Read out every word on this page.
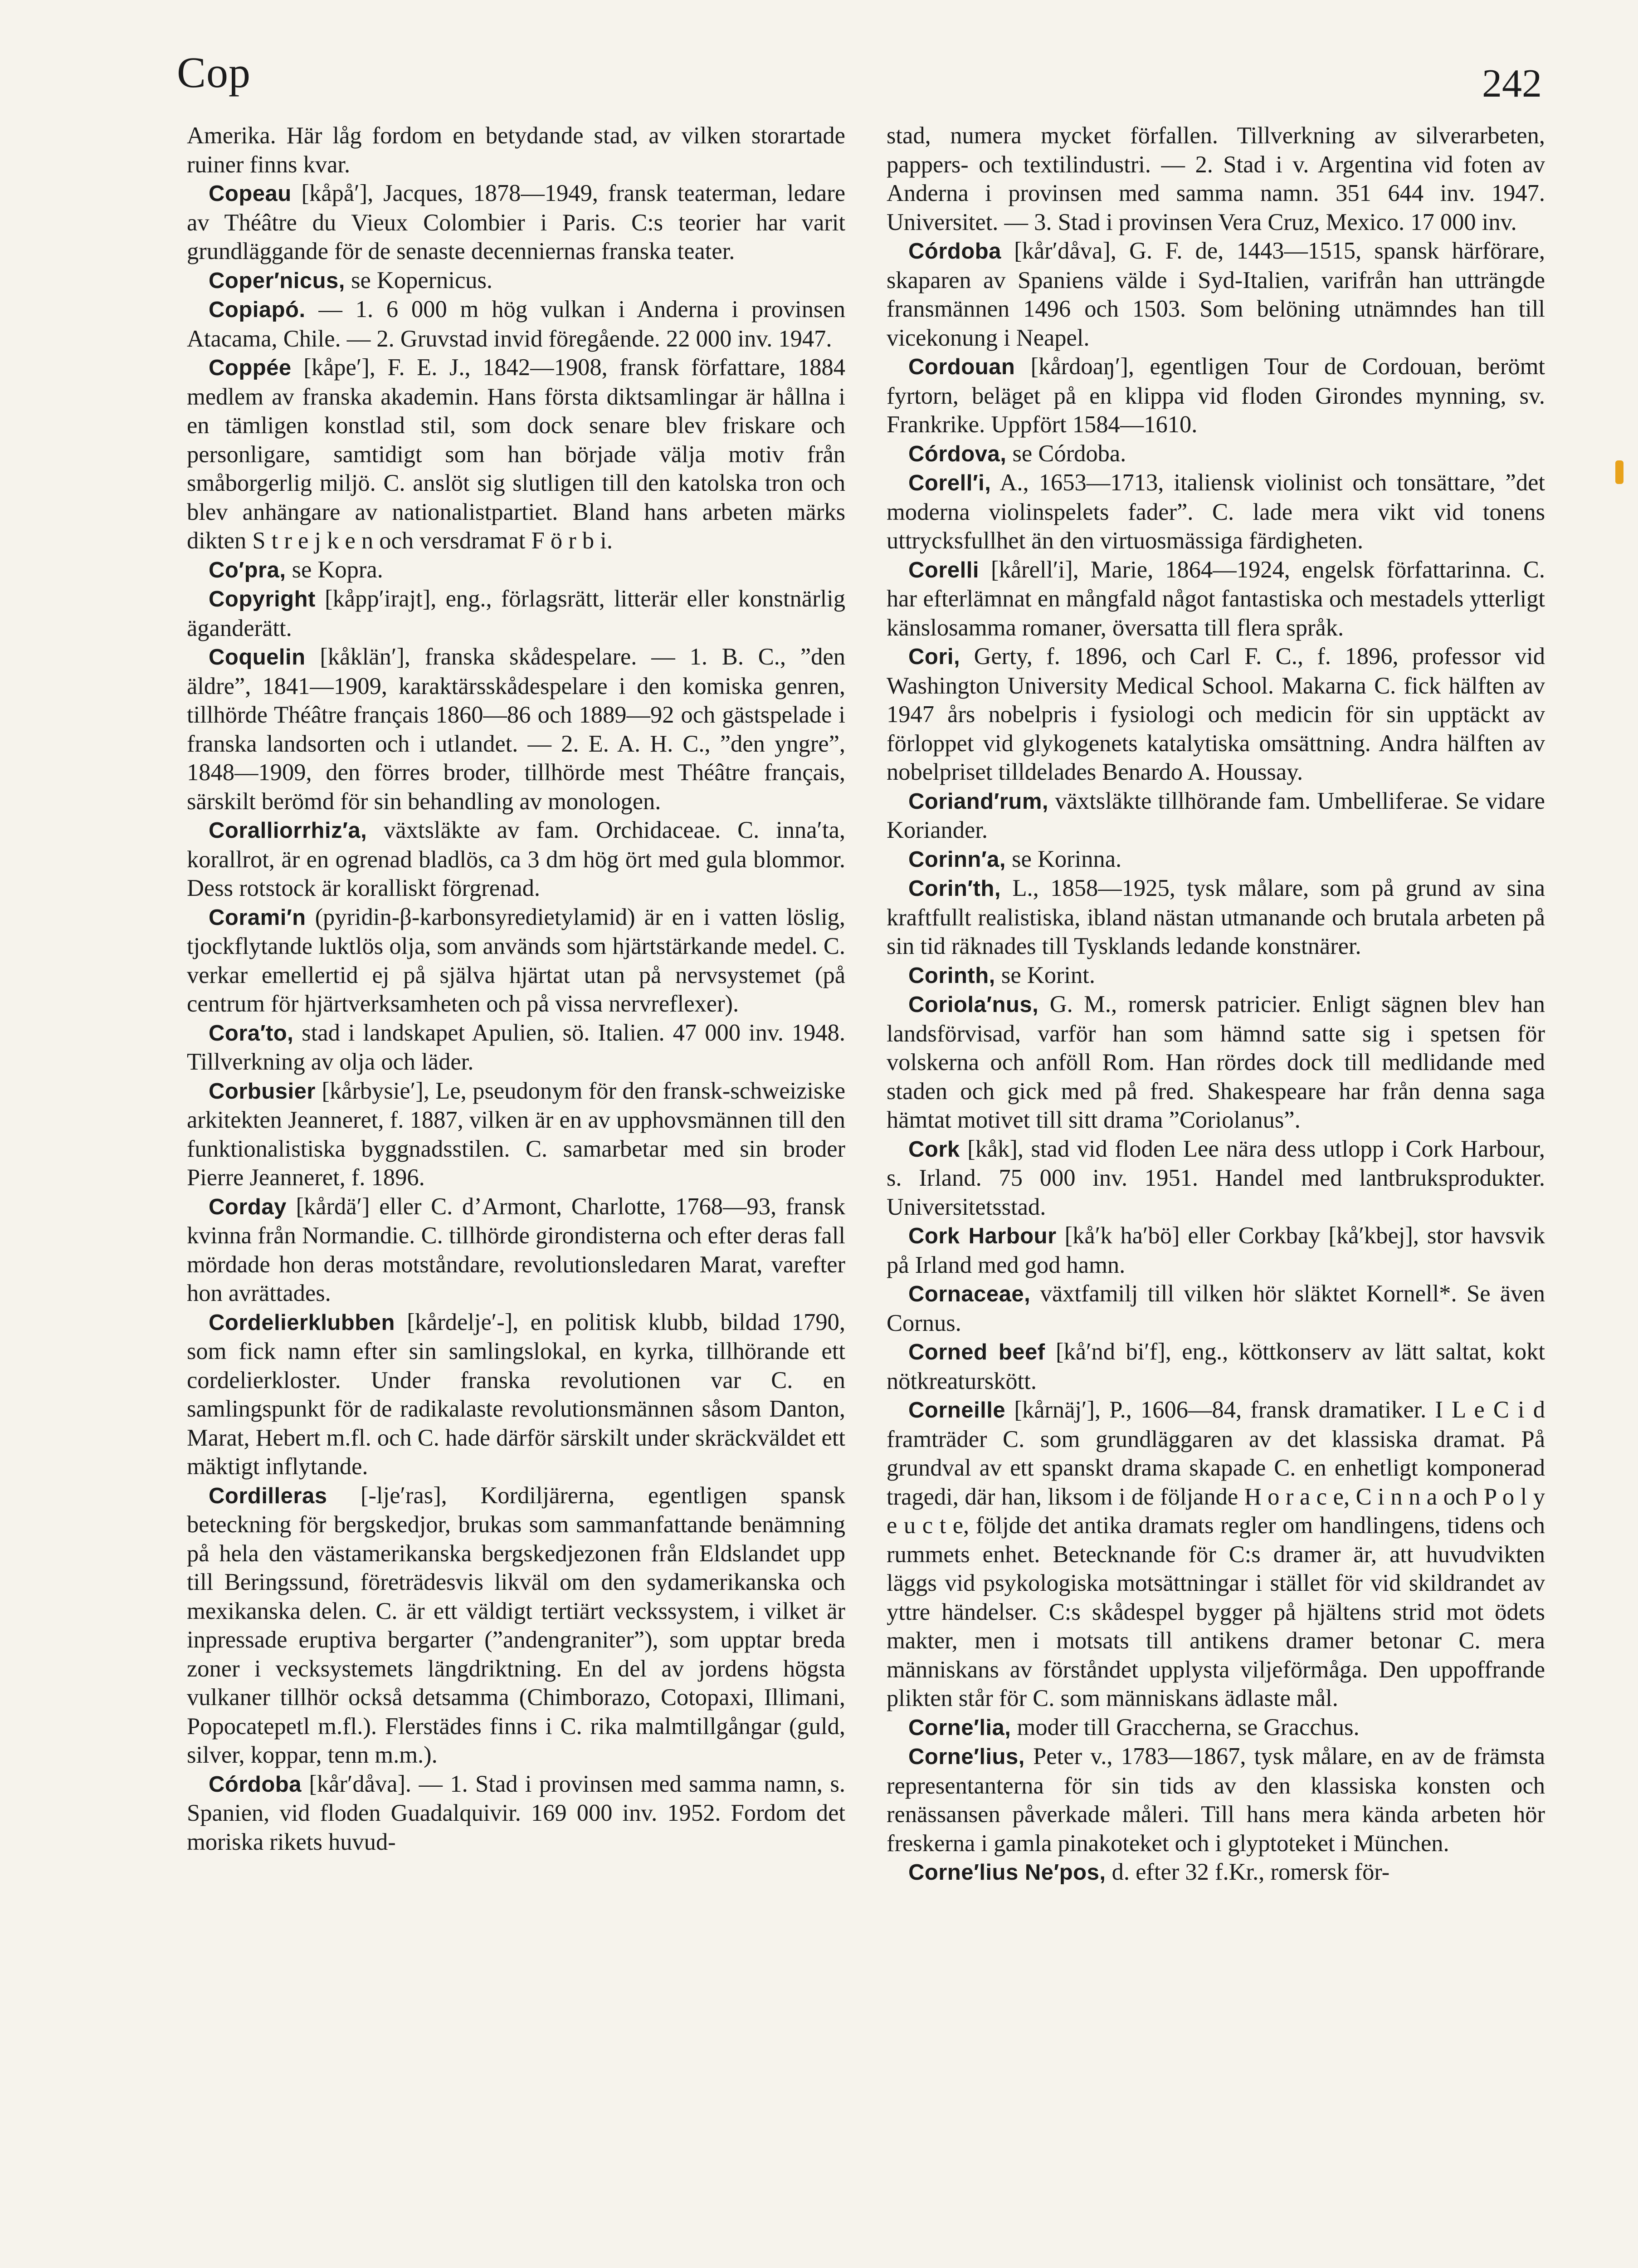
Cop	242

Amerika. Här låg fordom en betydande stad, av vilken storartade ruiner finns kvar.

Copeau [kåpå′], Jacques, 1878—1949, fransk teaterman, ledare av Théâtre du Vieux Colombier i Paris. C:s teorier har varit grundläggande för de senaste decenniernas franska teater.

Coper′nicus, se Kopernicus.

Copiapó. — 1. 6 000 m hög vulkan i Anderna i provinsen Atacama, Chile. — 2. Gruvstad invid föregående. 22 000 inv. 1947.

Coppée [kåpe′], F. E. J., 1842—1908, fransk författare, 1884 medlem av franska akademin. Hans första diktsamlingar är hållna i en tämligen konstlad stil, som dock senare blev friskare och personligare, samtidigt som han började välja motiv från småborgerlig miljö. C. anslöt sig slutligen till den katolska tron och blev anhängare av nationalistpartiet. Bland hans arbeten märks dikten S t r e j k e n och versdramat F ö r b i.

Co′pra, se Kopra.

Copyright [kåpp′irajt], eng., förlagsrätt, litterär eller konstnärlig äganderätt.

Coquelin [kåklän′], franska skådespelare. — 1. B. C., ”den äldre”, 1841—1909, karaktärsskådespelare i den komiska genren, tillhörde Théâtre français 1860—86 och 1889—92 och gästspelade i franska landsorten och i utlandet. — 2. E. A. H. C., ”den yngre”, 1848—1909, den förres broder, tillhörde mest Théâtre français, särskilt berömd för sin behandling av monologen.

Coralliorrhiz′a, växtsläkte av fam. Orchidaceae. C. inna′ta, korallrot, är en ogrenad bladlös, ca 3 dm hög ört med gula blommor. Dess rotstock är koralliskt förgrenad.

Corami′n (pyridin-β-karbonsyredietylamid) är en i vatten löslig, tjockflytande luktlös olja, som används som hjärtstärkande medel. C. verkar emellertid ej på själva hjärtat utan på nervsystemet (på centrum för hjärtverksamheten och på vissa nervreflexer).

Cora′to, stad i landskapet Apulien, sö. Italien. 47 000 inv. 1948. Tillverkning av olja och läder.

Corbusier [kårbysie′], Le, pseudonym för den fransk-schweiziske arkitekten Jeanneret, f. 1887, vilken är en av upphovsmännen till den funktionalistiska byggnadsstilen. C. samarbetar med sin broder Pierre Jeanneret, f. 1896.

Corday [kårdä′] eller C. d’Armont, Charlotte, 1768—93, fransk kvinna från Normandie. C. tillhörde girondisterna och efter deras fall mördade hon deras motståndare, revolutionsledaren Marat, varefter hon avrättades.

Cordelierklubben [kårdelje′-], en politisk klubb, bildad 1790, som fick namn efter sin samlingslokal, en kyrka, tillhörande ett cordelierkloster. Under franska revolutionen var C. en samlingspunkt för de radikalaste revolutionsmännen såsom Danton, Marat, Hebert m.fl. och C. hade därför särskilt under skräckväldet ett mäktigt inflytande.

Cordilleras [-lje′ras], Kordiljärerna, egentligen spansk beteckning för bergskedjor, brukas som sammanfattande benämning på hela den västamerikanska bergskedjezonen från Eldslandet upp till Beringssund, företrädesvis likväl om den sydamerikanska och mexikanska delen. C. är ett väldigt tertiärt veckssystem, i vilket är inpressade eruptiva bergarter (”andengraniter”), som upptar breda zoner i vecksystemets längdriktning. En del av jordens högsta vulkaner tillhör också detsamma (Chimborazo, Cotopaxi, Illimani, Popocatepetl m.fl.). Flerstädes finns i C. rika malmtillgångar (guld, silver, koppar, tenn m.m.).

Córdoba [kår′dåva]. — 1. Stad i provinsen med samma namn, s. Spanien, vid floden Guadalquivir. 169 000 inv. 1952. Fordom det moriska rikets huvud-

stad, numera mycket förfallen. Tillverkning av silverarbeten, pappers- och textilindustri. — 2. Stad i v. Argentina vid foten av Anderna i provinsen med samma namn. 351 644 inv. 1947. Universitet. — 3. Stad i provinsen Vera Cruz, Mexico. 17 000 inv.

Córdoba [kår′dåva], G. F. de, 1443—1515, spansk härförare, skaparen av Spaniens välde i Syd-Italien, varifrån han utträngde fransmännen 1496 och 1503. Som belöning utnämndes han till vicekonung i Neapel.

Cordouan [kårdoaŋ′], egentligen Tour de Cordouan, berömt fyrtorn, beläget på en klippa vid floden Girondes mynning, sv. Frankrike. Uppfört 1584—1610.

Córdova, se Córdoba.

Corell′i, A., 1653—1713, italiensk violinist och tonsättare, ”det moderna violinspelets fader”. C. lade mera vikt vid tonens uttrycksfullhet än den virtuosmässiga färdigheten.

Corelli [kårell′i], Marie, 1864—1924, engelsk författarinna. C. har efterlämnat en mångfald något fantastiska och mestadels ytterligt känslosamma romaner, översatta till flera språk.

Cori, Gerty, f. 1896, och Carl F. C., f. 1896, professor vid Washington University Medical School. Makarna C. fick hälften av 1947 års nobelpris i fysiologi och medicin för sin upptäckt av förloppet vid glykogenets katalytiska omsättning. Andra hälften av nobelpriset tilldelades Benardo A. Houssay.

Coriand′rum, växtsläkte tillhörande fam. Umbelliferae. Se vidare Koriander.

Corinn′a, se Korinna.

Corin′th, L., 1858—1925, tysk målare, som på grund av sina kraftfullt realistiska, ibland nästan utmanande och brutala arbeten på sin tid räknades till Tysklands ledande konstnärer.

Corinth, se Korint.

Coriola′nus, G. M., romersk patricier. Enligt sägnen blev han landsförvisad, varför han som hämnd satte sig i spetsen för volskerna och anföll Rom. Han rördes dock till medlidande med staden och gick med på fred. Shakespeare har från denna saga hämtat motivet till sitt drama ”Coriolanus”.

Cork [kåk], stad vid floden Lee nära dess utlopp i Cork Harbour, s. Irland. 75 000 inv. 1951. Handel med lantbruksprodukter. Universitetsstad.

Cork Harbour [kå′k ha′bö] eller Corkbay [kå′kbej], stor havsvik på Irland med god hamn.

Cornaceae, växtfamilj till vilken hör släktet Kornell*. Se även Cornus.

Corned beef [kå′nd bi′f], eng., köttkonserv av lätt saltat, kokt nötkreaturskött.

Corneille [kårnäj′], P., 1606—84, fransk dramatiker. I L e C i d framträder C. som grundläggaren av det klassiska dramat. På grundval av ett spanskt drama skapade C. en enhetligt komponerad tragedi, där han, liksom i de följande H o r a c e, C i n n a och P o l y e u c t e, följde det antika dramats regler om handlingens, tidens och rummets enhet. Betecknande för C:s dramer är, att huvudvikten läggs vid psykologiska motsättningar i stället för vid skildrandet av yttre händelser. C:s skådespel bygger på hjältens strid mot ödets makter, men i motsats till antikens dramer betonar C. mera människans av förståndet upplysta viljeförmåga. Den uppoffrande plikten står för C. som människans ädlaste mål.

Corne′lia, moder till Graccherna, se Gracchus.

Corne′lius, Peter v., 1783—1867, tysk målare, en av de främsta representanterna för sin tids av den klassiska konsten och renässansen påverkade måleri. Till hans mera kända arbeten hör freskerna i gamla pinakoteket och i glyptoteket i München.

Corne′lius Ne′pos, d. efter 32 f.Kr., romersk för-
